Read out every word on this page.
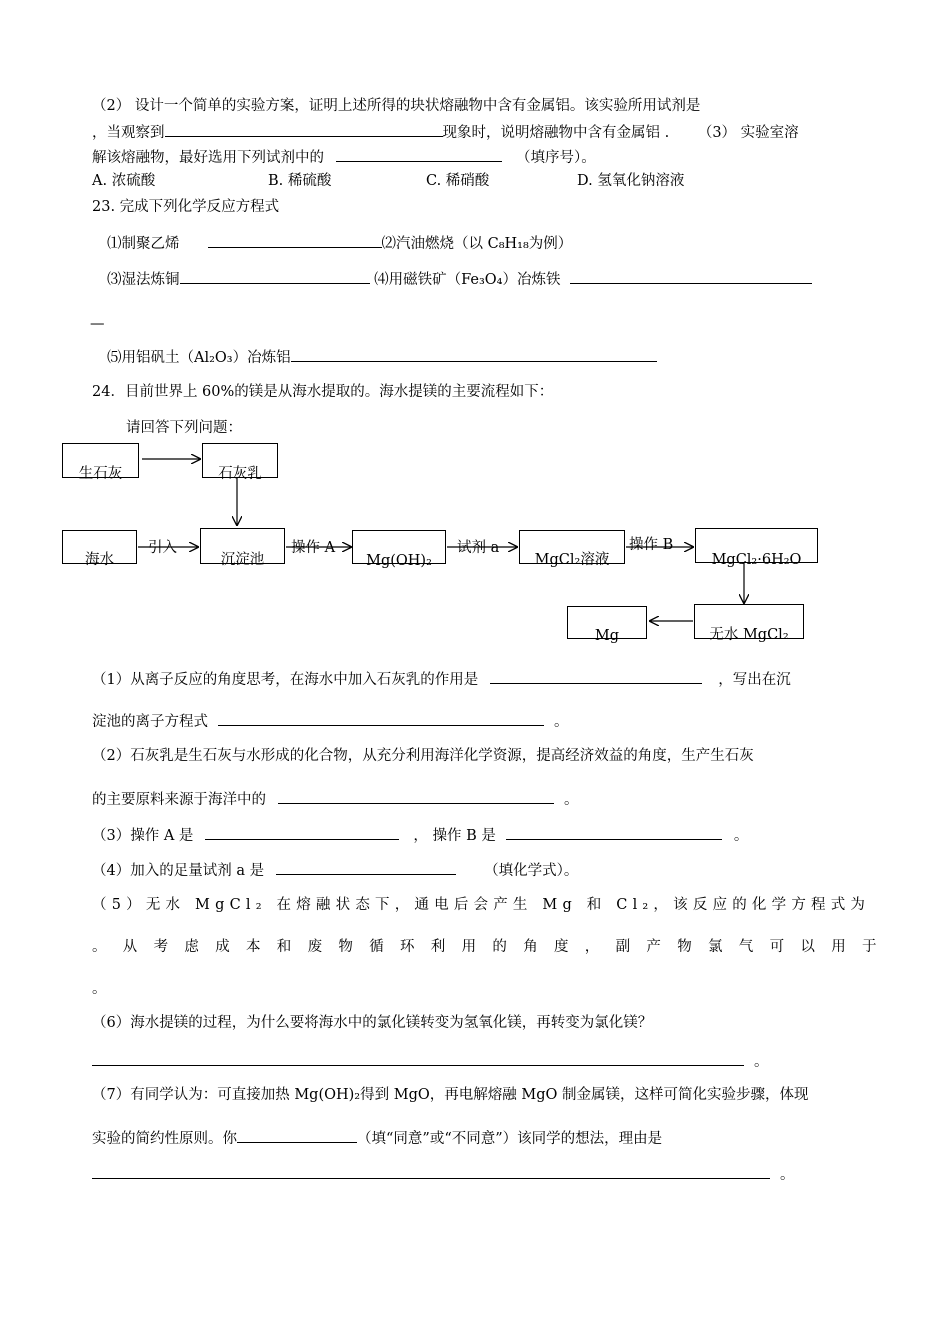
（2） 设计一个简单的实验方案，证明上述所得的块状熔融物中含有金属铝。该实验所用试剂是
，当观察到	现象时，说明熔融物中含有金属铝 . （3） 实验室溶
解该熔融物，最好选用下列试剂中的	（填序号）。
A. 浓硫酸	B. 稀硫酸	C. 稀硝酸	D. 氢氧化钠溶液
23. 完成下列化学反应方程式
⑴制聚乙烯	⑵汽油燃烧（以 C₈H₁₈为例）
⑶湿法炼铜	⑷用磁铁矿（Fe₃O₄）冶炼铁
—
⑸用铝矾土（Al₂O₃）冶炼铝
24．目前世界上 60%的镁是从海水提取的。海水提镁的主要流程如下：
请回答下列问题：
生石灰	石灰乳
海水
引入
沉淀池
操作 A
Mg(OH)₂
试剂 a
MgCl₂溶液
操作 B
MgCl₂·6H₂O
无水 MgCl₂
Mg
（1）从离子反应的角度思考，在海水中加入石灰乳的作用是	，写出在沉
淀池的离子方程式	。
（2）石灰乳是生石灰与水形成的化合物，从充分利用海洋化学资源，提高经济效益的角度，生产生石灰
的主要原料来源于海洋中的	。
（3）操作 A 是	， 操作 B 是	。
（4）加入的足量试剂 a 是	（填化学式）。
（5）无水 MgCl₂ 在熔融状态下，通电后会产生 Mg 和 Cl₂，该反应的化学方程式为
。从考虑成本和废物循环利用的角度，副产物氯气可以用于
。
（6）海水提镁的过程，为什么要将海水中的氯化镁转变为氢氧化镁，再转变为氯化镁？
。
（7）有同学认为：可直接加热 Mg(OH)₂得到 MgO，再电解熔融 MgO 制金属镁，这样可简化实验步骤，体现
实验的简约性原则。你	（填“同意”或“不同意”）该同学的想法，理由是
。
